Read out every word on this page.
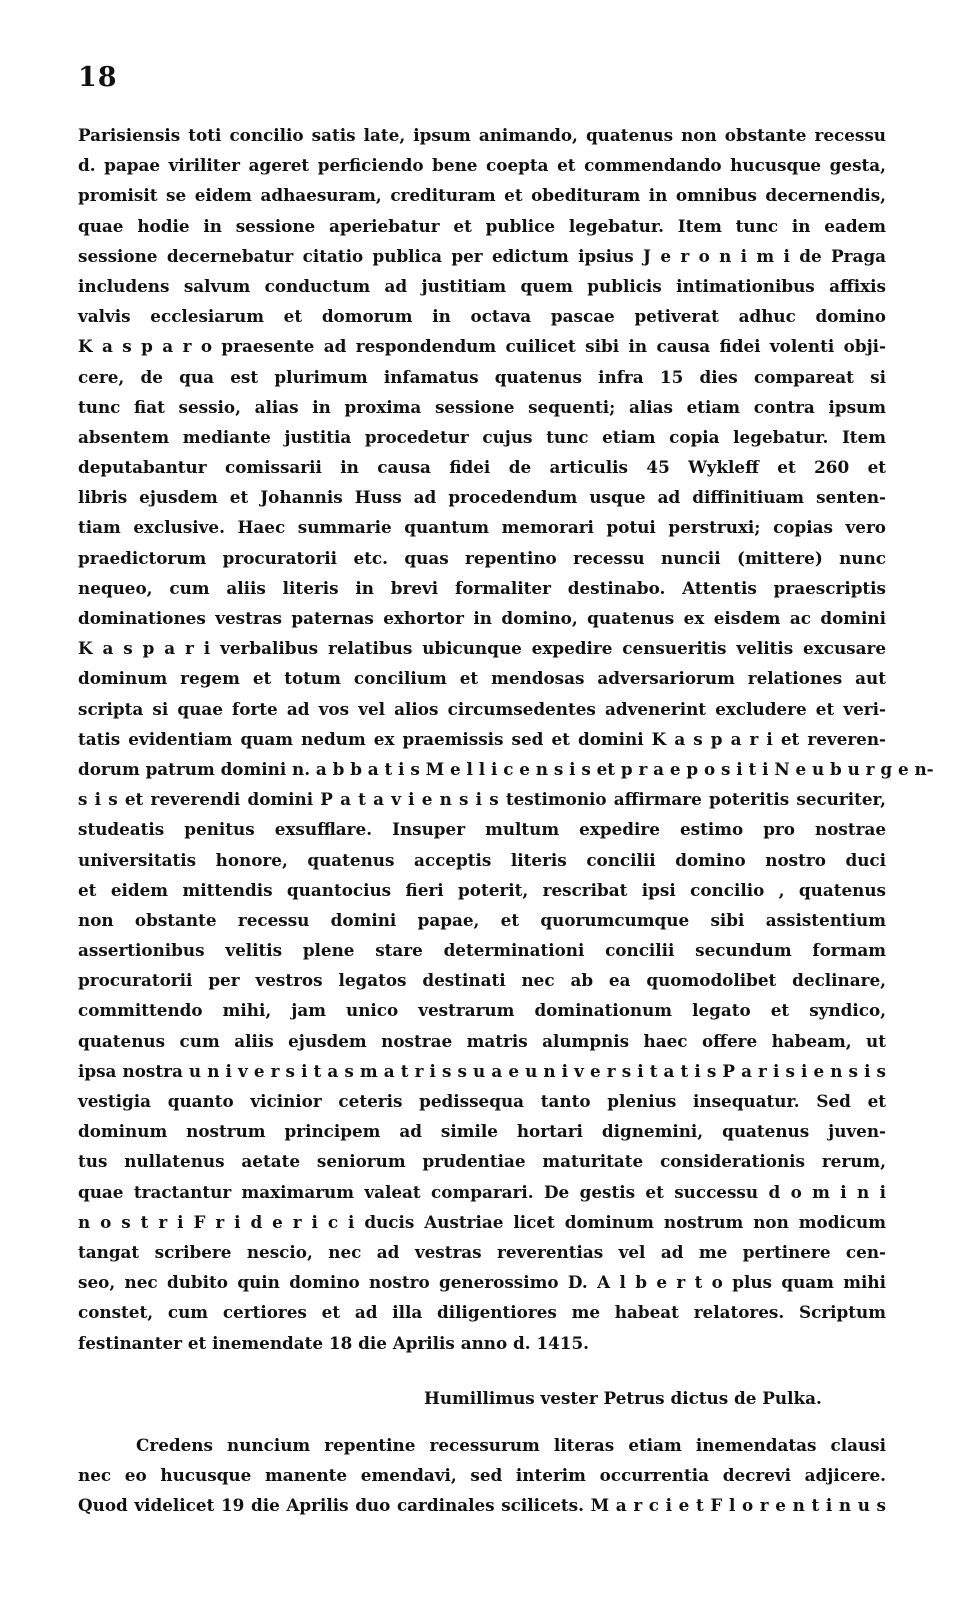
18
Parisiensis toti concilio satis late, ipsum animando, quatenus non obstante recessu
d. papae viriliter ageret perficiendo bene coepta et commendando hucusque gesta,
promisit se eidem adhaesuram, credituram et obedituram in omnibus decernendis,
quae hodie in sessione aperiebatur et publice legebatur. Item tunc in eadem
sessione decernebatur citatio publica per edictum ipsius J e r o n i m i de Praga
includens salvum conductum ad justitiam quem publicis intimationibus affixis
valvis ecclesiarum et domorum in octava pascae petiverat adhuc domino
K a s p a r o praesente ad respondendum cuilicet sibi in causa fidei volenti obji-
cere, de qua est plurimum infamatus quatenus infra 15 dies compareat si
tunc fiat sessio, alias in proxima sessione sequenti; alias etiam contra ipsum
absentem mediante justitia procedetur cujus tunc etiam copia legebatur. Item
deputabantur comissarii in causa fidei de articulis 45 Wykleff et 260 et
libris ejusdem et Johannis Huss ad procedendum usque ad diffinitiuam senten-
tiam exclusive. Haec summarie quantum memorari potui perstruxi; copias vero
praedictorum procuratorii etc. quas repentino recessu nuncii (mittere) nunc
nequeo, cum aliis literis in brevi formaliter destinabo. Attentis praescriptis
dominationes vestras paternas exhortor in domino, quatenus ex eisdem ac domini
K a s p a r i verbalibus relatibus ubicunque expedire censueritis velitis excusare
dominum regem et totum concilium et mendosas adversariorum relationes aut
scripta si quae forte ad vos vel alios circumsedentes advenerint excludere et veri-
tatis evidentiam quam nedum ex praemissis sed et domini K a s p a r i et reveren-
dorum patrum domini n. a b b a t i s M e l l i c e n s i s et p r a e p o s i t i N e u b u r g e n-
s i s et reverendi domini P a t a v i e n s i s testimonio affirmare poteritis securiter,
studeatis penitus exsufflare. Insuper multum expedire estimo pro nostrae
universitatis honore, quatenus acceptis literis concilii domino nostro duci
et eidem mittendis quantocius fieri poterit, rescribat ipsi concilio , quatenus
non obstante recessu domini papae, et quorumcumque sibi assistentium
assertionibus velitis plene stare determinationi concilii secundum formam
procuratorii per vestros legatos destinati nec ab ea quomodolibet declinare,
committendo mihi, jam unico vestrarum dominationum legato et syndico,
quatenus cum aliis ejusdem nostrae matris alumpnis haec offere habeam, ut
ipsa nostra u n i v e r s i t a s m a t r i s s u a e u n i v e r s i t a t i s P a r i s i e n s i s
vestigia quanto vicinior ceteris pedissequa tanto plenius insequatur. Sed et
dominum nostrum principem ad simile hortari dignemini, quatenus juven-
tus nullatenus aetate seniorum prudentiae maturitate considerationis rerum,
quae tractantur maximarum valeat comparari. De gestis et successu d o m i n i
n o s t r i F r i d e r i c i ducis Austriae licet dominum nostrum non modicum
tangat scribere nescio, nec ad vestras reverentias vel ad me pertinere cen-
seo, nec dubito quin domino nostro generossimo D. A l b e r t o plus quam mihi
constet, cum certiores et ad illa diligentiores me habeat relatores. Scriptum
festinanter et inemendate 18 die Aprilis anno d. 1415.
Humillimus vester Petrus dictus de Pulka.
Credens nuncium repentine recessurum literas etiam inemendatas clausi
nec eo hucusque manente emendavi, sed interim occurrentia decrevi adjicere.
Quod videlicet 19 die Aprilis duo cardinales scilicets. M a r c i e t F l o r e n t i n u s
